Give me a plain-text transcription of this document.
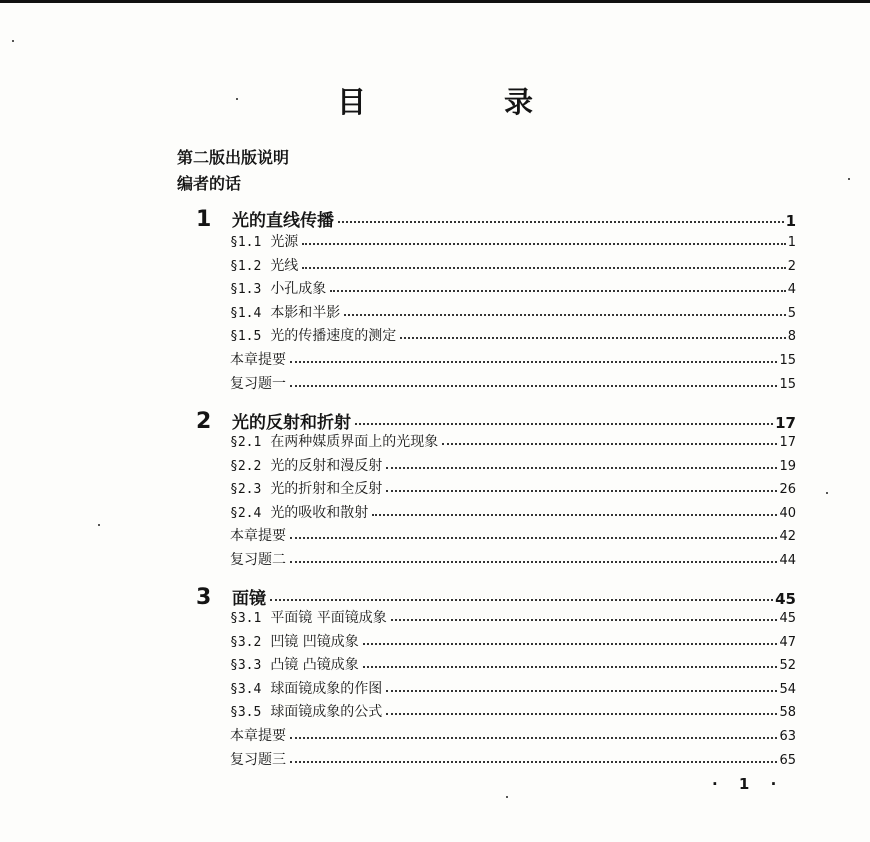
目 录
第二版出版说明
编者的话
1	光的直线传播	1
§1.1 光源	1
§1.2 光线	2
§1.3 小孔成象	4
§1.4 本影和半影	5
§1.5 光的传播速度的测定	8
本章提要	15
复习题一	15
2	光的反射和折射	17
§2.1 在两种媒质界面上的光现象	17
§2.2 光的反射和漫反射	19
§2.3 光的折射和全反射	26
§2.4 光的吸收和散射	40
本章提要	42
复习题二	44
3	面镜	45
§3.1 平面镜 平面镜成象	45
§3.2 凹镜 凹镜成象	47
§3.3 凸镜 凸镜成象	52
§3.4 球面镜成象的作图	54
§3.5 球面镜成象的公式	58
本章提要	63
复习题三	65
· 1 ·
